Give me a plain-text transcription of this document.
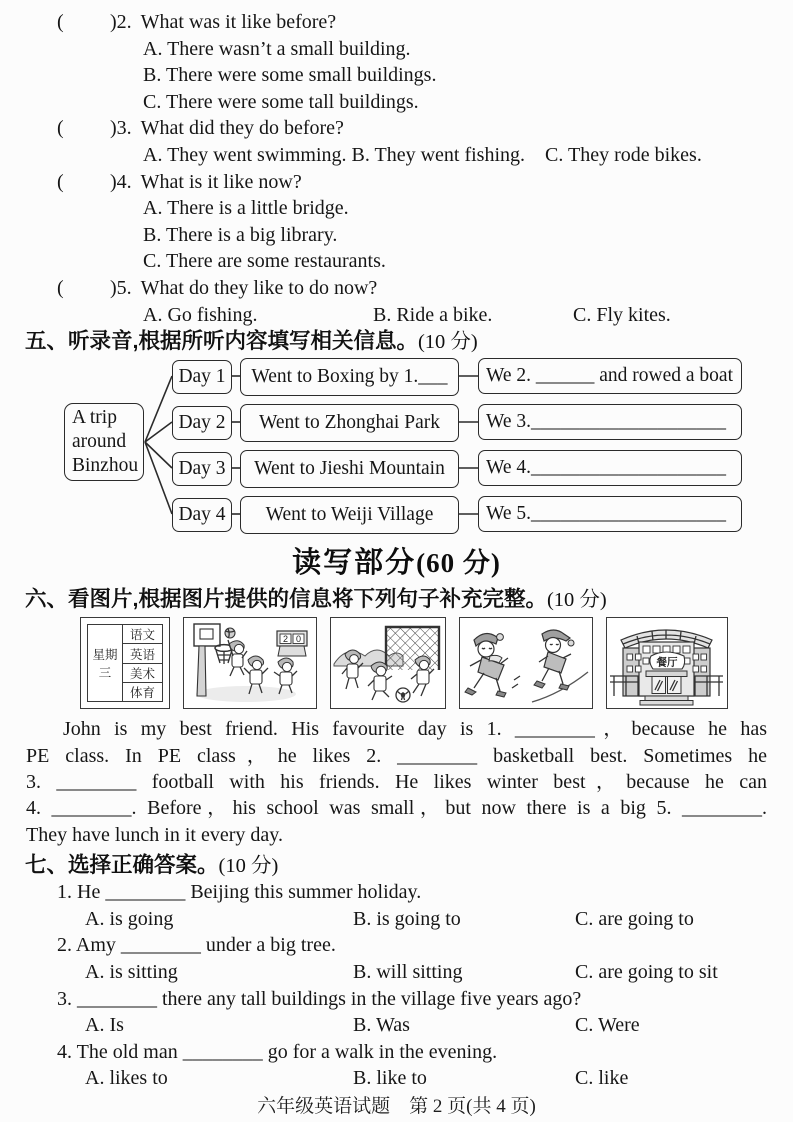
( )2. What was it like before?
A. There wasn’t a small building.
B. There were some small buildings.
C. There were some tall buildings.
( )3. What did they do before?
A. They went swimming. B. They went fishing.　C. They rode bikes.
( )4. What is it like now?
A. There is a little bridge.
B. There is a big library.
C. There are some restaurants.
( )5. What do they like to do now?
A. Go fishing.	B. Ride a bike.	C. Fly kites.
五、听录音,根据所听内容填写相关信息。(10 分)
A trip
around
Binzhou
Day 1	Went to Boxing by 1.___	We 2. ______ and rowed a boat
Day 2	Went to Zhonghai Park	We 3.____________________
Day 3	Went to Jieshi Mountain	We 4.____________________
Day 4	Went to Weiji Village	We 5.____________________
读写部分(60 分)
六、看图片,根据图片提供的信息将下列句子补充完整。(10 分)
星期三	语文
英语
美术
体育
2 0
餐厅
John is my best friend. His favourite day is 1. ________，because he has
PE class. In PE class，he likes 2. ________ basketball best. Sometimes he
3. ________ football with his friends. He likes winter best，because he can
4. ________. Before，his school was small，but now there is a big 5. ________.
They have lunch in it every day.
七、选择正确答案。(10 分)
1. He ________ Beijing this summer holiday.
A. is going	B. is going to	C. are going to
2. Amy ________ under a big tree.
A. is sitting	B. will sitting	C. are going to sit
3. ________ there any tall buildings in the village five years ago?
A. Is	B. Was	C. Were
4. The old man ________ go for a walk in the evening.
A. likes to	B. like to	C. like
六年级英语试题　第 2 页(共 4 页)
